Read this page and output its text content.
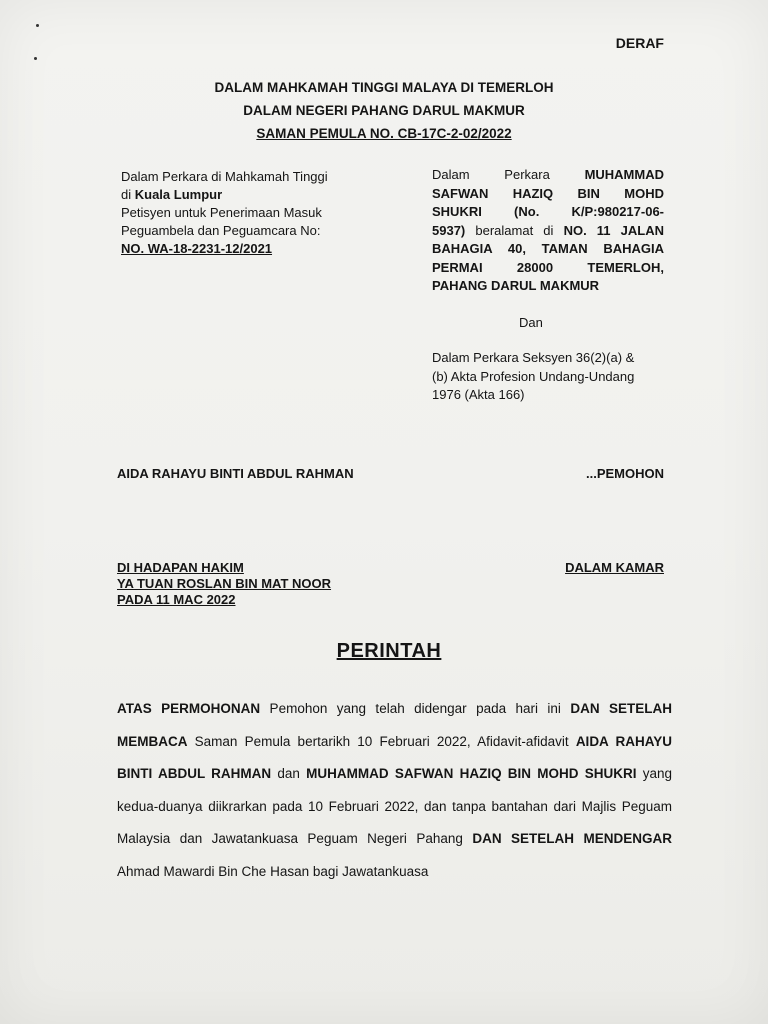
DERAF
DALAM MAHKAMAH TINGGI MALAYA DI TEMERLOH
DALAM NEGERI PAHANG DARUL MAKMUR
SAMAN PEMULA NO. CB-17C-2-02/2022
Dalam Perkara di Mahkamah Tinggi
di Kuala Lumpur
Petisyen untuk Penerimaan Masuk
Peguambela dan Peguamcara No:
NO. WA-18-2231-12/2021
Dalam Perkara MUHAMMAD
SAFWAN HAZIQ BIN MOHD
SHUKRI (No. K/P:980217-06-
5937) beralamat di NO. 11 JALAN
BAHAGIA 40, TAMAN BAHAGIA
PERMAI 28000 TEMERLOH,
PAHANG DARUL MAKMUR
Dan
Dalam Perkara Seksyen 36(2)(a) &
(b) Akta Profesion Undang-Undang
1976 (Akta 166)
AIDA RAHAYU BINTI ABDUL RAHMAN	...PEMOHON
DI HADAPAN HAKIM
YA TUAN ROSLAN BIN MAT NOOR
PADA 11 MAC 2022
DALAM KAMAR
PERINTAH
ATAS PERMOHONAN Pemohon yang telah didengar pada hari ini DAN SETELAH MEMBACA Saman Pemula bertarikh 10 Februari 2022, Afidavit-afidavit AIDA RAHAYU BINTI ABDUL RAHMAN dan MUHAMMAD SAFWAN HAZIQ BIN MOHD SHUKRI yang kedua-duanya diikrarkan pada 10 Februari 2022, dan tanpa bantahan dari Majlis Peguam Malaysia dan Jawatankuasa Peguam Negeri Pahang DAN SETELAH MENDENGAR Ahmad Mawardi Bin Che Hasan bagi Jawatankuasa
